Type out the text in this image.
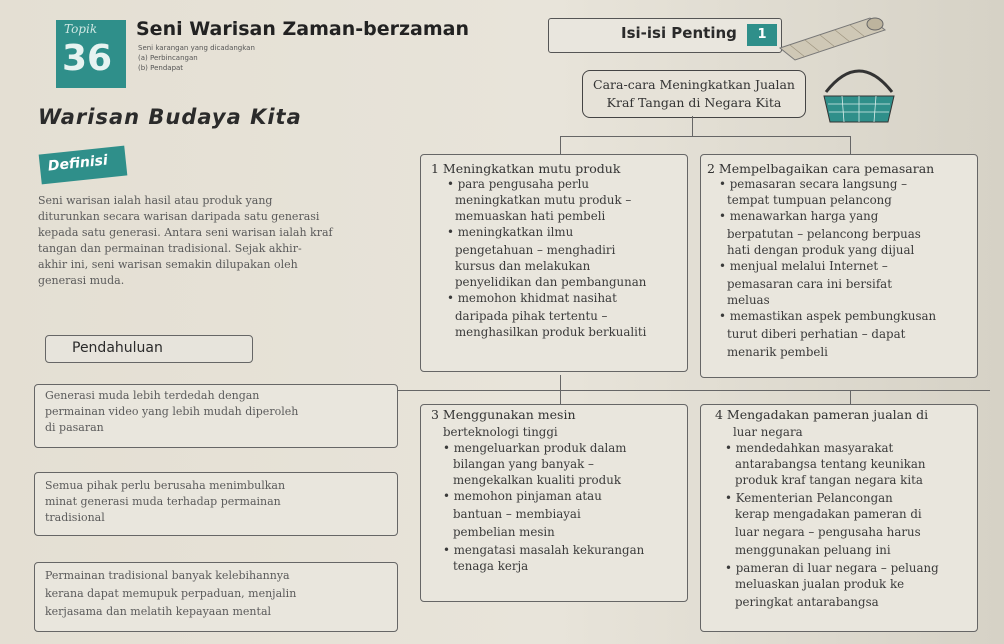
Topik
36
Seni Warisan Zaman-berzaman
Seni karangan yang dicadangkan
(a) Perbincangan
(b) Pendapat
Warisan Budaya Kita
Isi-isi Penting	1
Cara-cara Meningkatkan Jualan
Kraf Tangan di Negara Kita
Definisi
Seni warisan ialah hasil atau produk yang
diturunkan secara warisan daripada satu generasi
kepada satu generasi. Antara seni warisan ialah kraf
tangan dan permainan tradisional. Sejak akhir-
akhir ini, seni warisan semakin dilupakan oleh
generasi muda.
Pendahuluan
Generasi muda lebih terdedah dengan
permainan video yang lebih mudah diperoleh
di pasaran
Semua pihak perlu berusaha menimbulkan
minat generasi muda terhadap permainan
tradisional
Permainan tradisional banyak kelebihannya
kerana dapat memupuk perpaduan, menjalin
kerjasama dan melatih kepayaan mental
1 Meningkatkan mutu produk
• para pengusaha perlu
meningkatkan mutu produk –
memuaskan hati pembeli
• meningkatkan ilmu
pengetahuan – menghadiri
kursus dan melakukan
penyelidikan dan pembangunan
• memohon khidmat nasihat
daripada pihak tertentu –
menghasilkan produk berkualiti
2 Mempelbagaikan cara pemasaran
• pemasaran secara langsung –
tempat tumpuan pelancong
• menawarkan harga yang
berpatutan – pelancong berpuas
hati dengan produk yang dijual
• menjual melalui Internet –
pemasaran cara ini bersifat
meluas
• memastikan aspek pembungkusan
turut diberi perhatian – dapat
menarik pembeli
3 Menggunakan mesin
berteknologi tinggi
• mengeluarkan produk dalam
bilangan yang banyak –
mengekalkan kualiti produk
• memohon pinjaman atau
bantuan – membiayai
pembelian mesin
• mengatasi masalah kekurangan
tenaga kerja
4 Mengadakan pameran jualan di
luar negara
• mendedahkan masyarakat
antarabangsa tentang keunikan
produk kraf tangan negara kita
• Kementerian Pelancongan
kerap mengadakan pameran di
luar negara – pengusaha harus
menggunakan peluang ini
• pameran di luar negara – peluang
meluaskan jualan produk ke
peringkat antarabangsa
